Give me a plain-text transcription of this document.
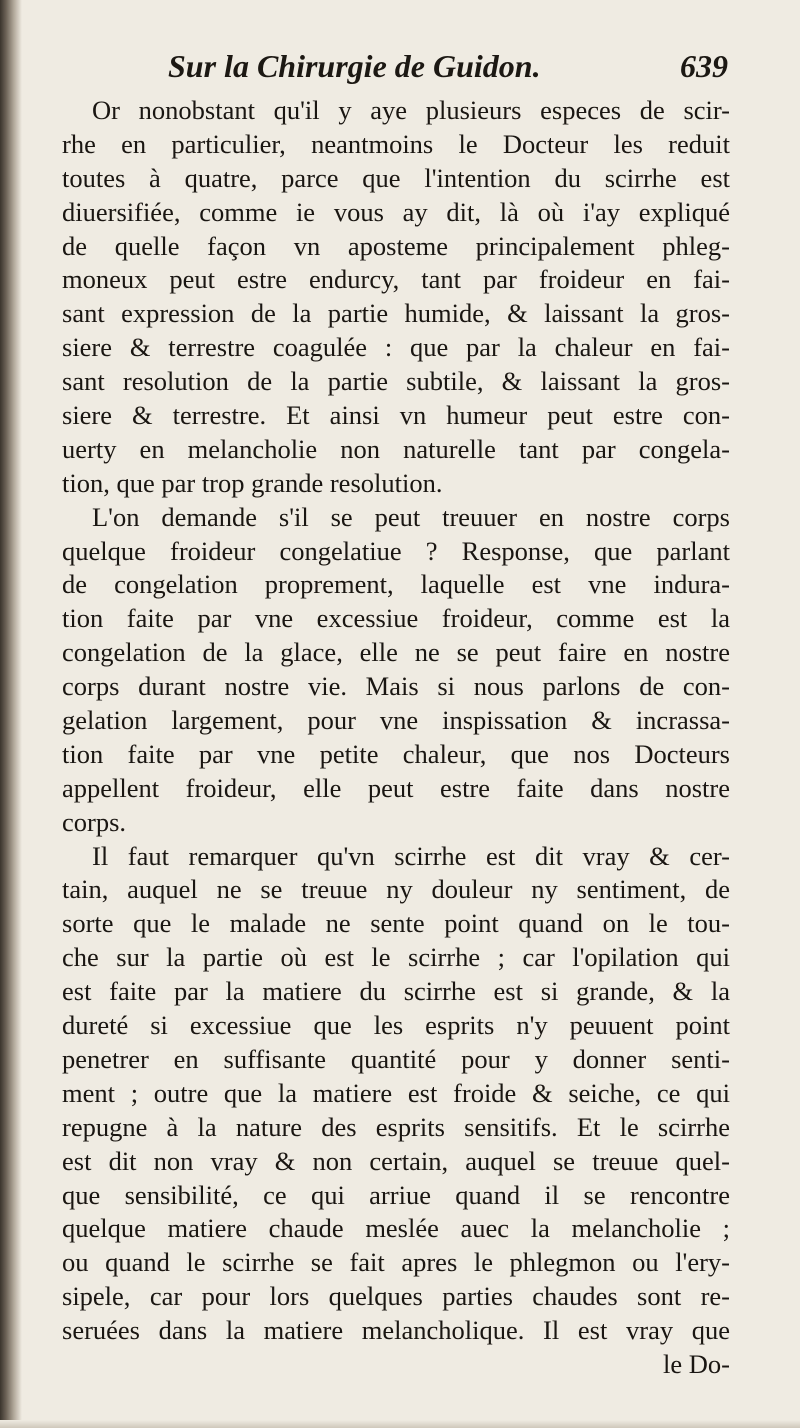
Sur la Chirurgie de Guidon.	639
Or nonobstant qu'il y aye plusieurs especes de scir-
rhe en particulier, neantmoins le Docteur les reduit
toutes à quatre, parce que l'intention du scirrhe est
diuersifiée, comme ie vous ay dit, là où i'ay expliqué
de quelle façon vn aposteme principalement phleg-
moneux peut estre endurcy, tant par froideur en fai-
sant expression de la partie humide, & laissant la gros-
siere & terrestre coagulée : que par la chaleur en fai-
sant resolution de la partie subtile, & laissant la gros-
siere & terrestre. Et ainsi vn humeur peut estre con-
uerty en melancholie non naturelle tant par congela-
tion, que par trop grande resolution.
L'on demande s'il se peut treuuer en nostre corps
quelque froideur congelatiue ? Response, que parlant
de congelation proprement, laquelle est vne indura-
tion faite par vne excessiue froideur, comme est la
congelation de la glace, elle ne se peut faire en nostre
corps durant nostre vie. Mais si nous parlons de con-
gelation largement, pour vne inspissation & incrassa-
tion faite par vne petite chaleur, que nos Docteurs
appellent froideur, elle peut estre faite dans nostre
corps.
Il faut remarquer qu'vn scirrhe est dit vray & cer-
tain, auquel ne se treuue ny douleur ny sentiment, de
sorte que le malade ne sente point quand on le tou-
che sur la partie où est le scirrhe ; car l'opilation qui
est faite par la matiere du scirrhe est si grande, & la
dureté si excessiue que les esprits n'y peuuent point
penetrer en suffisante quantité pour y donner senti-
ment ; outre que la matiere est froide & seiche, ce qui
repugne à la nature des esprits sensitifs. Et le scirrhe
est dit non vray & non certain, auquel se treuue quel-
que sensibilité, ce qui arriue quand il se rencontre
quelque matiere chaude meslée auec la melancholie ;
ou quand le scirrhe se fait apres le phlegmon ou l'ery-
sipele, car pour lors quelques parties chaudes sont re-
seruées dans la matiere melancholique. Il est vray que
le Do-
